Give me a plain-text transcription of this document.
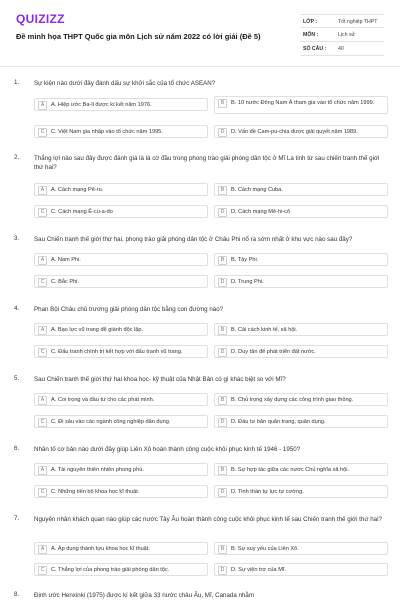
QUIZIZZ
Đề minh họa THPT Quốc gia môn Lịch sử năm 2022 có lời giải (Đề 5)
LỚP :	Tốt nghiệp THPT
MÔN :	Lịch sử
SỐ CÂU : 40
1. Sự kiện nào dưới đây đánh dấu sự khởi sắc của tổ chức ASEAN?
A	A. Hiệp ước Ba-li được kí kết năm 1976.	B	B. 10 nước Đông Nam Á tham gia vào tổ chức năm 1999.
C	C. Việt Nam gia nhập vào tổ chức năm 1995.	D	D. Vấn đề Cam-pu-chia được giải quyết năm 1989.
2. Thắng lợi nào sau đây được đánh giá là lá cờ đầu trong phong trào giải phóng dân tộc ở Mĩ La tinh từ sau chiến tranh thế giới thứ hai?
A	A. Cách mạng Pê-ru.	B	B. Cách mạng Cuba.
C	C. Cách mạng Ê-cu-a-do	D	D. Cách mạng Mê-hi-cô
3. Sau Chiến tranh thế giới thứ hai, phong trào giải phóng dân tộc ở Châu Phi nổ ra sớm nhất ở khu vực nào sau đây?
A	A. Nam Phi.	B	B. Tây Phi.
C	C. Bắc Phi.	D	D. Trung Phi.
4. Phan Bội Châu chủ trương giải phóng dân tộc bằng con đường nào?
A	A. Bạo lực vũ trang để giành độc lập.	B	B. Cải cách kinh tế, xã hội.
C	C. Đấu tranh chính trị kết hợp với đấu tranh vũ trang.	D	D. Duy tân để phát triển đất nước.
5. Sau Chiến tranh thế giới thứ hai khoa học- kỹ thuật của Nhật Bản có gì khác biệt so với Mĩ?
A	A. Coi trọng và đầu tư cho các phát minh.	B	B. Chủ trọng xây dựng các công trình giao thông.
C	C. Đi sâu vào các ngành công nghiệp dân dụng.	D	D. Đầu tư bản quân trang, quân dụng.
6. Nhân tố cơ bản nào dưới đây giúp Liên Xô hoàn thành công cuộc khôi phục kinh tế 1946 - 1950?
A	A. Tài nguyên thiên nhiên phong phú.	B	B. Sự hợp tác giữa các nước Chủ nghĩa xã hội.
C	C. Những tiến bộ khoa học kĩ thuật.	D	D. Tinh thần tự lực tự cường.
7. Nguyên nhân khách quan nào giúp các nước Tây Âu hoàn thành công cuộc khôi phục kinh tế sau Chiến tranh thế giới thứ hai?
A	A. Áp dụng thành tựu khoa học kĩ thuật.	B	B. Sự suy yếu của Liên Xô.
C	C. Thắng lợi của phong trào giải phóng dân tộc.	D	D. Sự viện trợ của Mĩ.
8. Định ước Henxinki (1975) được kí kết giữa 33 nước châu Âu, Mĩ, Canada nhằm
